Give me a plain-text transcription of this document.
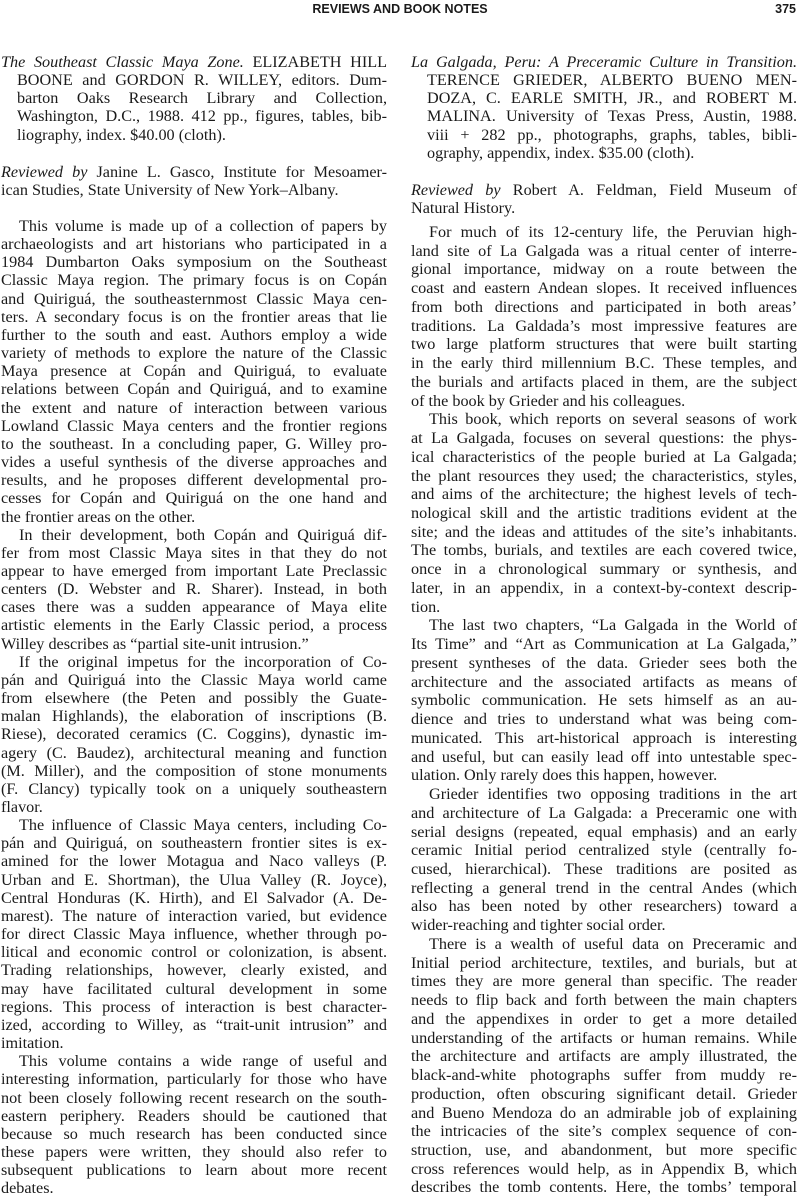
REVIEWS AND BOOK NOTES	375
The Southeast Classic Maya Zone. ELIZABETH HILL
BOONE and GORDON R. WILLEY, editors. Dum-
barton Oaks Research Library and Collection,
Washington, D.C., 1988. 412 pp., figures, tables, bib-
liography, index. $40.00 (cloth).
Reviewed by Janine L. Gasco, Institute for Mesoamer-
ican Studies, State University of New York–Albany.
This volume is made up of a collection of papers by
archaeologists and art historians who participated in a
1984 Dumbarton Oaks symposium on the Southeast
Classic Maya region. The primary focus is on Copán
and Quiriguá, the southeasternmost Classic Maya cen-
ters. A secondary focus is on the frontier areas that lie
further to the south and east. Authors employ a wide
variety of methods to explore the nature of the Classic
Maya presence at Copán and Quiriguá, to evaluate
relations between Copán and Quiriguá, and to examine
the extent and nature of interaction between various
Lowland Classic Maya centers and the frontier regions
to the southeast. In a concluding paper, G. Willey pro-
vides a useful synthesis of the diverse approaches and
results, and he proposes different developmental pro-
cesses for Copán and Quiriguá on the one hand and
the frontier areas on the other.
In their development, both Copán and Quiriguá dif-
fer from most Classic Maya sites in that they do not
appear to have emerged from important Late Preclassic
centers (D. Webster and R. Sharer). Instead, in both
cases there was a sudden appearance of Maya elite
artistic elements in the Early Classic period, a process
Willey describes as “partial site-unit intrusion.”
If the original impetus for the incorporation of Co-
pán and Quiriguá into the Classic Maya world came
from elsewhere (the Peten and possibly the Guate-
malan Highlands), the elaboration of inscriptions (B.
Riese), decorated ceramics (C. Coggins), dynastic im-
agery (C. Baudez), architectural meaning and function
(M. Miller), and the composition of stone monuments
(F. Clancy) typically took on a uniquely southeastern
flavor.
The influence of Classic Maya centers, including Co-
pán and Quiriguá, on southeastern frontier sites is ex-
amined for the lower Motagua and Naco valleys (P.
Urban and E. Shortman), the Ulua Valley (R. Joyce),
Central Honduras (K. Hirth), and El Salvador (A. De-
marest). The nature of interaction varied, but evidence
for direct Classic Maya influence, whether through po-
litical and economic control or colonization, is absent.
Trading relationships, however, clearly existed, and
may have facilitated cultural development in some
regions. This process of interaction is best character-
ized, according to Willey, as “trait-unit intrusion” and
imitation.
This volume contains a wide range of useful and
interesting information, particularly for those who have
not been closely following recent research on the south-
eastern periphery. Readers should be cautioned that
because so much research has been conducted since
these papers were written, they should also refer to
subsequent publications to learn about more recent
debates.
La Galgada, Peru: A Preceramic Culture in Transition.
TERENCE GRIEDER, ALBERTO BUENO MEN-
DOZA, C. EARLE SMITH, JR., and ROBERT M.
MALINA. University of Texas Press, Austin, 1988.
viii + 282 pp., photographs, graphs, tables, bibli-
ography, appendix, index. $35.00 (cloth).
Reviewed by Robert A. Feldman, Field Museum of
Natural History.
For much of its 12-century life, the Peruvian high-
land site of La Galgada was a ritual center of interre-
gional importance, midway on a route between the
coast and eastern Andean slopes. It received influences
from both directions and participated in both areas’
traditions. La Galdada’s most impressive features are
two large platform structures that were built starting
in the early third millennium B.C. These temples, and
the burials and artifacts placed in them, are the subject
of the book by Grieder and his colleagues.
This book, which reports on several seasons of work
at La Galgada, focuses on several questions: the phys-
ical characteristics of the people buried at La Galgada;
the plant resources they used; the characteristics, styles,
and aims of the architecture; the highest levels of tech-
nological skill and the artistic traditions evident at the
site; and the ideas and attitudes of the site’s inhabitants.
The tombs, burials, and textiles are each covered twice,
once in a chronological summary or synthesis, and
later, in an appendix, in a context-by-context descrip-
tion.
The last two chapters, “La Galgada in the World of
Its Time” and “Art as Communication at La Galgada,”
present syntheses of the data. Grieder sees both the
architecture and the associated artifacts as means of
symbolic communication. He sets himself as an au-
dience and tries to understand what was being com-
municated. This art-historical approach is interesting
and useful, but can easily lead off into untestable spec-
ulation. Only rarely does this happen, however.
Grieder identifies two opposing traditions in the art
and architecture of La Galgada: a Preceramic one with
serial designs (repeated, equal emphasis) and an early
ceramic Initial period centralized style (centrally fo-
cused, hierarchical). These traditions are posited as
reflecting a general trend in the central Andes (which
also has been noted by other researchers) toward a
wider-reaching and tighter social order.
There is a wealth of useful data on Preceramic and
Initial period architecture, textiles, and burials, but at
times they are more general than specific. The reader
needs to flip back and forth between the main chapters
and the appendixes in order to get a more detailed
understanding of the artifacts or human remains. While
the architecture and artifacts are amply illustrated, the
black-and-white photographs suffer from muddy re-
production, often obscuring significant detail. Grieder
and Bueno Mendoza do an admirable job of explaining
the intricacies of the site’s complex sequence of con-
struction, use, and abandonment, but more specific
cross references would help, as in Appendix B, which
describes the tomb contents. Here, the tombs’ temporal
